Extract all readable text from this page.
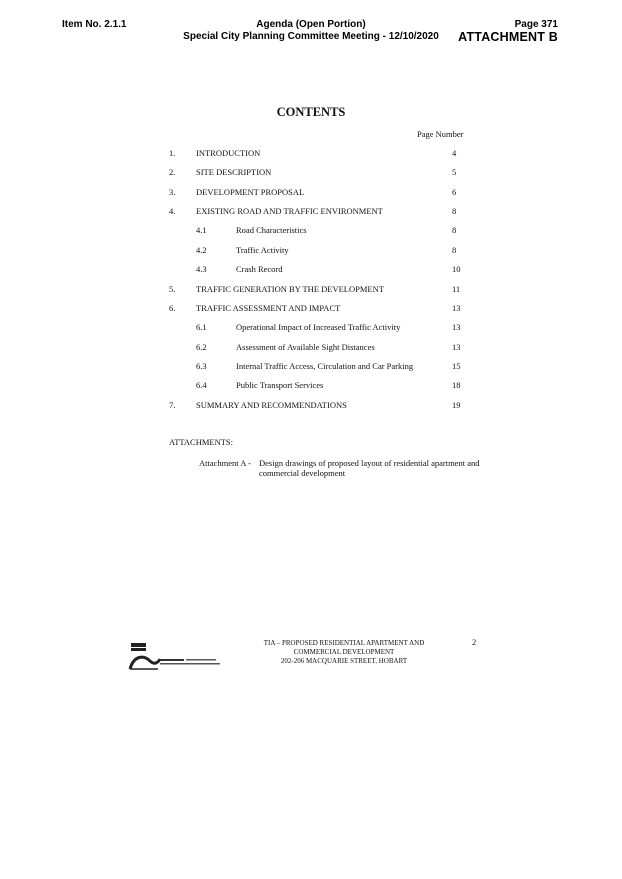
Item No. 2.1.1	Agenda (Open Portion)
Special City Planning Committee Meeting - 12/10/2020
Page 371
ATTACHMENT B
CONTENTS
Page Number
1. INTRODUCTION	4
2. SITE DESCRIPTION	5
3. DEVELOPMENT PROPOSAL	6
4. EXISTING ROAD AND TRAFFIC ENVIRONMENT	8
4.1	Road Characteristics	8
4.2	Traffic Activity	8
4.3	Crash Record	10
5. TRAFFIC GENERATION BY THE DEVELOPMENT	11
6. TRAFFIC ASSESSMENT AND IMPACT	13
6.1	Operational Impact of Increased Traffic Activity	13
6.2	Assessment of Available Sight Distances	13
6.3	Internal Traffic Access, Circulation and Car Parking	15
6.4	Public Transport Services	18
7. SUMMARY AND RECOMMENDATIONS	19
ATTACHMENTS:
Attachment A - Design drawings of proposed layout of residential apartment and commercial development
TIA – PROPOSED RESIDENTIAL APARTMENT AND
COMMERCIAL DEVELOPMENT
202-206 MACQUARIE STREET, HOBART
2
